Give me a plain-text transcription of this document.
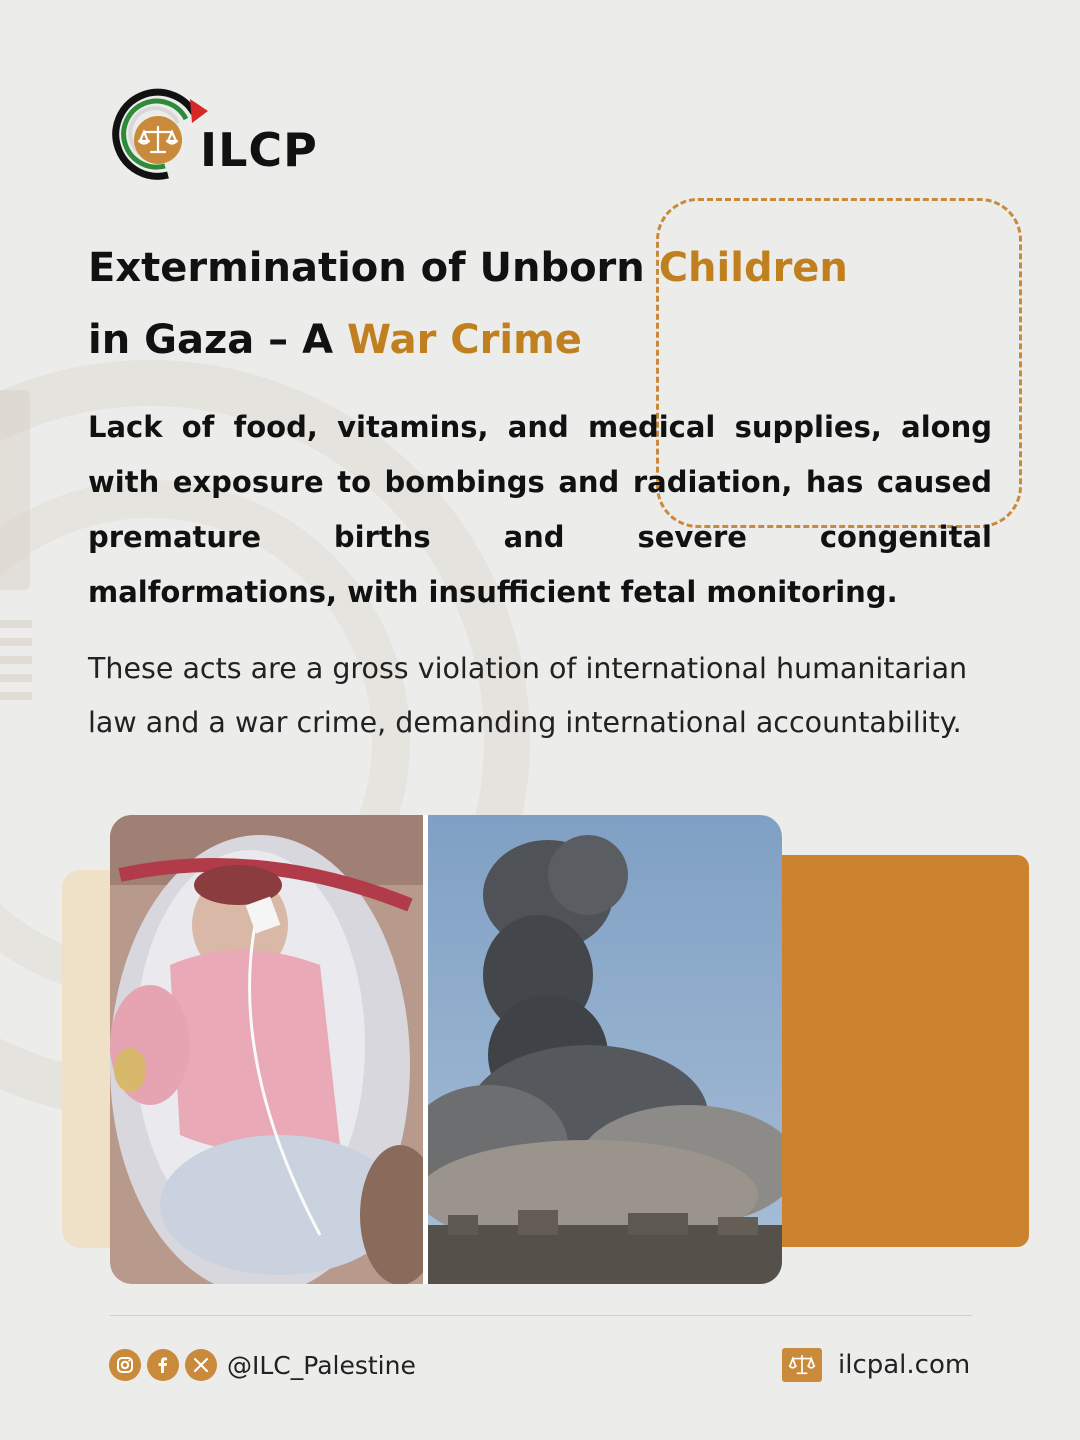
ILCP
Extermination of Unborn Children
in Gaza – A War Crime
Lack of food, vitamins, and medical supplies, along with exposure to bombings and radiation, has caused premature births and severe congenital malformations, with insufficient fetal monitoring.
These acts are a gross violation of international humanitarian law and a war crime, demanding international accountability.
@ILC_Palestine	ilcpal.com
